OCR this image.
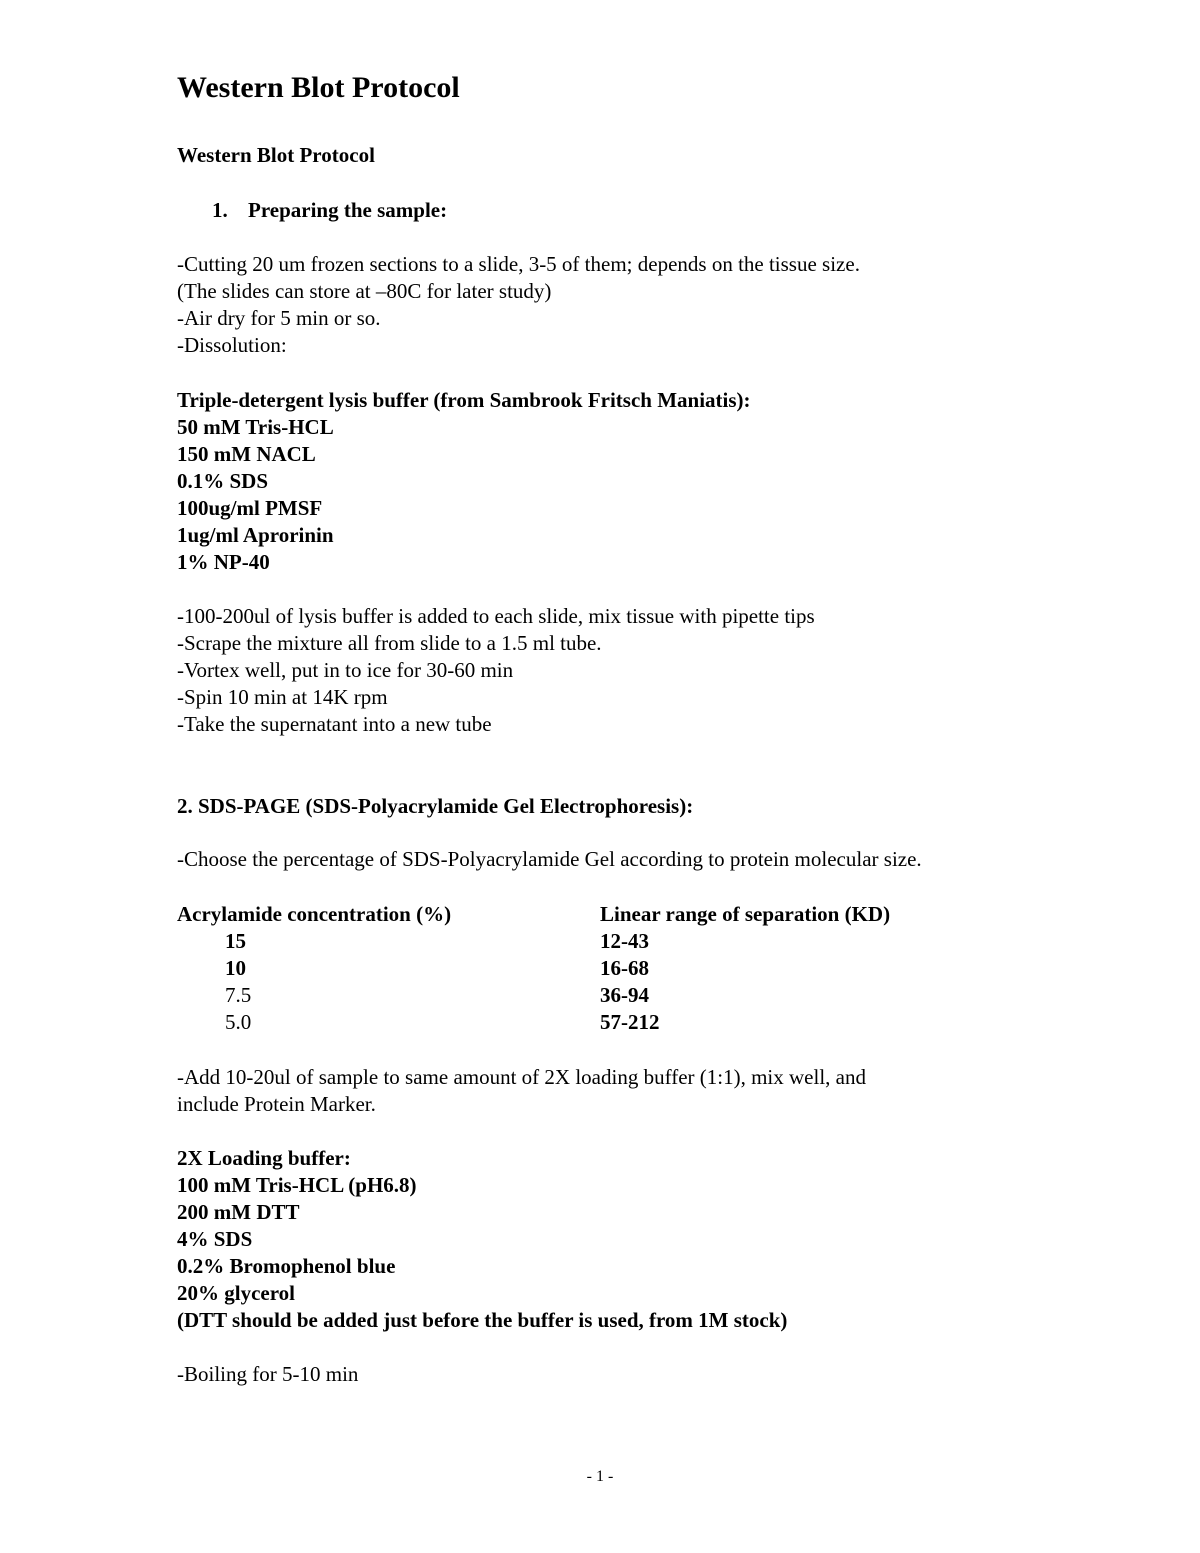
Western Blot Protocol
Western Blot Protocol
1. Preparing the sample:
-Cutting 20 um frozen sections to a slide, 3-5 of them; depends on the tissue size.
(The slides can store at –80C for later study)
-Air dry for 5 min or so.
-Dissolution:
Triple-detergent lysis buffer (from Sambrook Fritsch Maniatis):
50 mM Tris-HCL
150 mM NACL
0.1% SDS
100ug/ml PMSF
1ug/ml Aprorinin
1% NP-40
-100-200ul of lysis buffer is added to each slide, mix tissue with pipette tips
-Scrape the mixture all from slide to a 1.5 ml tube.
-Vortex well, put in to ice for 30-60 min
-Spin 10 min at 14K rpm
-Take the supernatant into a new tube
2. SDS-PAGE (SDS-Polyacrylamide Gel Electrophoresis):
-Choose the percentage of SDS-Polyacrylamide Gel according to protein molecular size.
Acrylamide concentration (%)	Linear range of separation (KD)
15	12-43
10	16-68
7.5	36-94
5.0	57-212
-Add 10-20ul of sample to same amount of 2X loading buffer (1:1), mix well, and
include Protein Marker.
2X Loading buffer:
100 mM Tris-HCL (pH6.8)
200 mM DTT
4% SDS
0.2% Bromophenol blue
20% glycerol
(DTT should be added just before the buffer is used, from 1M stock)
-Boiling for 5-10 min
- 1 -
